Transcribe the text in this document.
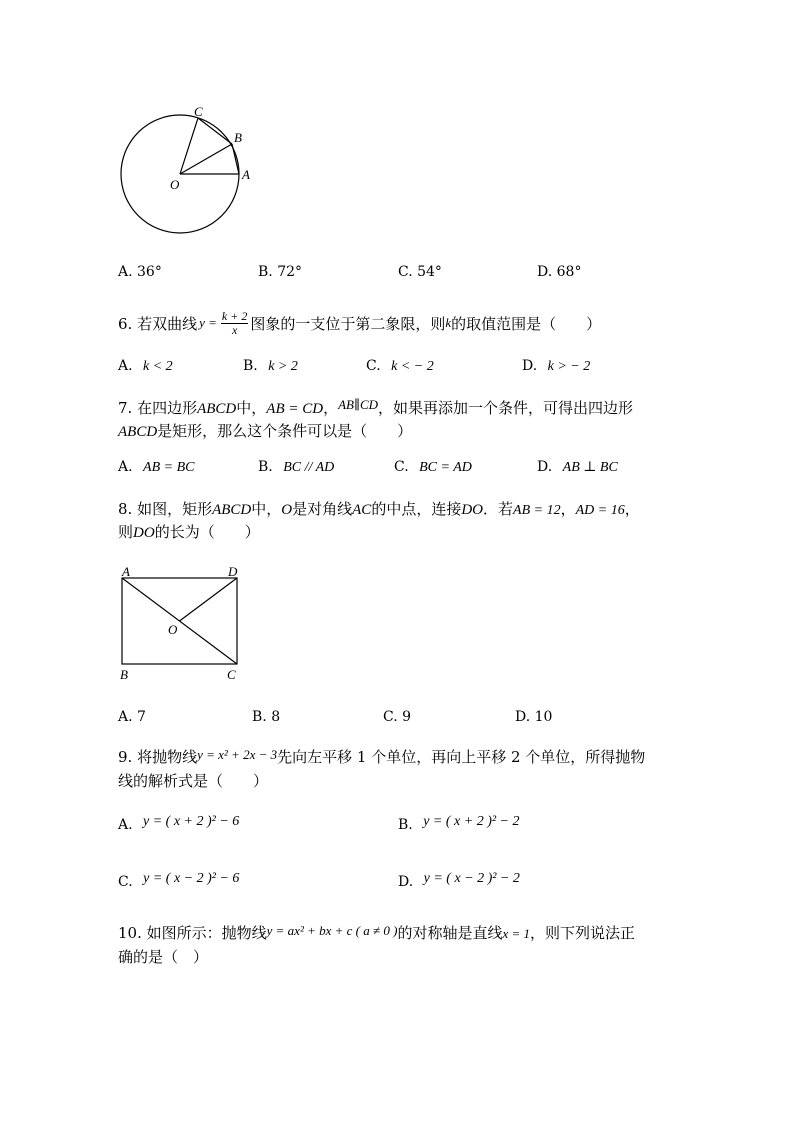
C
B
O
A
A. 36°	B. 72°	C. 54°	D. 68°
6. 若双曲线 $y = \frac{k + 2}{x}$ 图象的一支位于第二象限，则 k 的取值范围是（　　）
A. k < 2	B. k > 2	C. k < − 2	D. k > − 2
7. 在四边形ABCD中，AB = CD，AB∥CD，如果再添加一个条件，可得出四边形
ABCD是矩形，那么这个条件可以是（　　）
A. AB = BC	B. BC // AD	C. BC = AD	D. AB ⊥ BC
8. 如图，矩形ABCD中，O是对角线AC的中点，连接DO．若AB = 12，AD = 16，
则DO的长为（　　）
A	D
O
B	C
A. 7	B. 8	C. 9	D. 10
9. 将抛物线y = x² + 2x − 3先向左平移 1 个单位，再向上平移 2 个单位，所得抛物
线的解析式是（　　）
A. y = ( x + 2 )² − 6	B. y = ( x + 2 )² − 2
C. y = ( x − 2 )² − 6	D. y = ( x − 2 )² − 2
10. 如图所示：抛物线y = ax² + bx + c ( a ≠ 0 )的对称轴是直线x = 1，则下列说法正
确的是（　）
